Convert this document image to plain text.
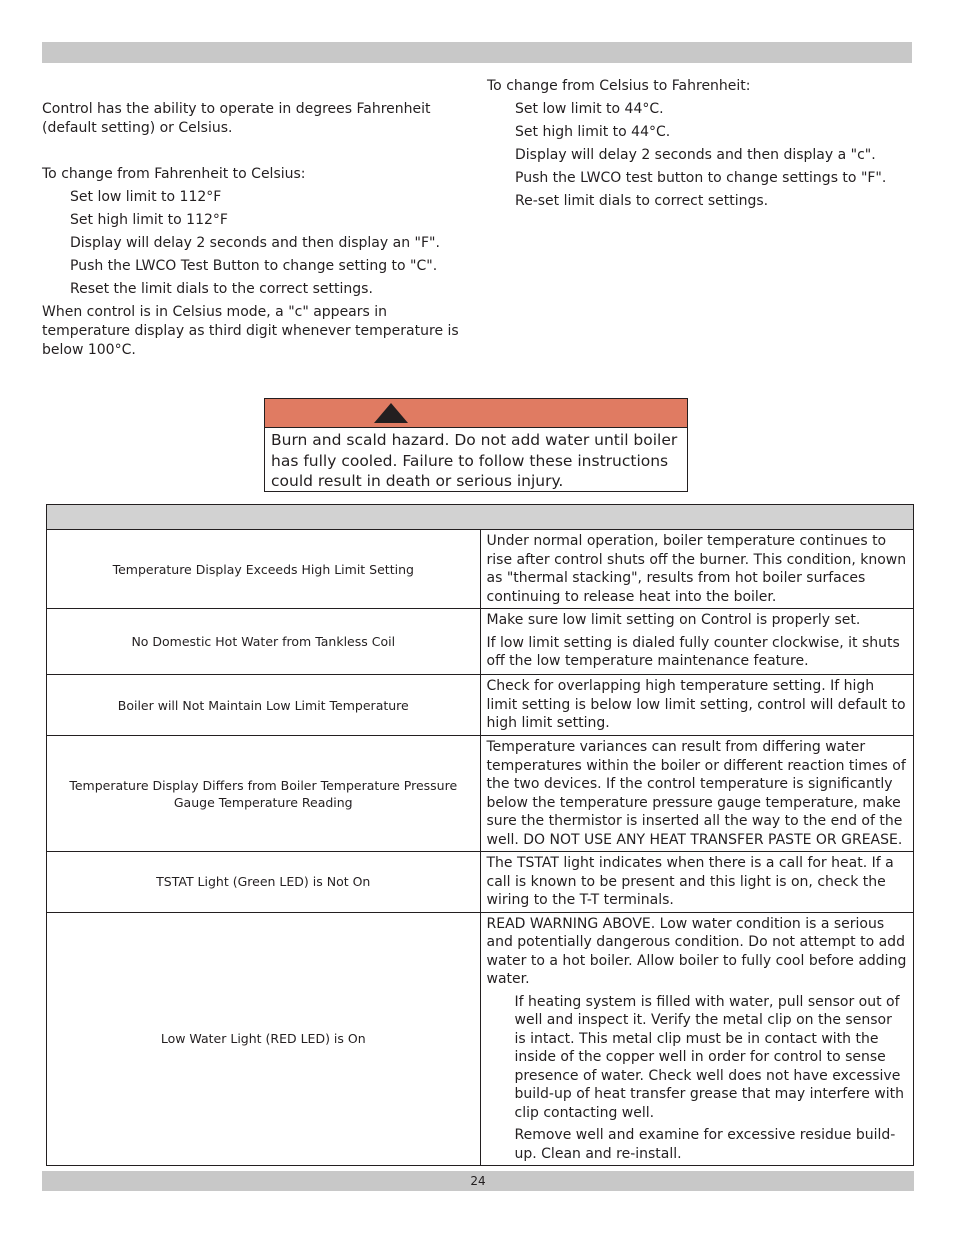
Control has the ability to operate in degrees Fahrenheit (default setting) or Celsius.

To change from Fahrenheit to Celsius:

Set low limit to 112°F

Set high limit to 112°F

Display will delay 2 seconds and then display an "F".

Push the LWCO Test Button to change setting to "C".

Reset the limit dials to the correct settings.

When control is in Celsius mode, a "c" appears in temperature display as third digit whenever temperature is below 100°C.

To change from Celsius to Fahrenheit:

Set low limit to 44°C.

Set high limit to 44°C.

Display will delay 2 seconds and then display a "c".

Push the LWCO test button to change settings to "F".

Re-set limit dials to correct settings.

Burn and scald hazard. Do not add water until boiler has fully cooled. Failure to follow these instructions could result in death or serious injury.

Temperature Display Exceeds High Limit Setting	Under normal operation, boiler temperature continues to rise after control shuts off the burner. This condition, known as "thermal stacking", results from hot boiler surfaces continuing to release heat into the boiler.

No Domestic Hot Water from Tankless Coil	Make sure low limit setting on Control is properly set.

If low limit setting is dialed fully counter clockwise, it shuts off the low temperature maintenance feature.

Boiler will Not Maintain Low Limit Temperature	Check for overlapping high temperature setting. If high limit setting is below low limit setting, control will default to high limit setting.

Temperature Display Differs from Boiler Temperature Pressure Gauge Temperature Reading	Temperature variances can result from differing water temperatures within the boiler or different reaction times of the two devices. If the control temperature is significantly below the temperature pressure gauge temperature, make sure the thermistor is inserted all the way to the end of the well. DO NOT USE ANY HEAT TRANSFER PASTE OR GREASE.

TSTAT Light (Green LED) is Not On	The TSTAT light indicates when there is a call for heat. If a call is known to be present and this light is on, check the wiring to the T-T terminals.

Low Water Light (RED LED) is On	READ WARNING ABOVE. Low water condition is a serious and potentially dangerous condition. Do not attempt to add water to a hot boiler. Allow boiler to fully cool before adding water.

If heating system is filled with water, pull sensor out of well and inspect it. Verify the metal clip on the sensor is intact. This metal clip must be in contact with the inside of the copper well in order for control to sense presence of water. Check well does not have excessive build-up of heat transfer grease that may interfere with clip contacting well.

Remove well and examine for excessive residue build-up. Clean and re-install.

24
